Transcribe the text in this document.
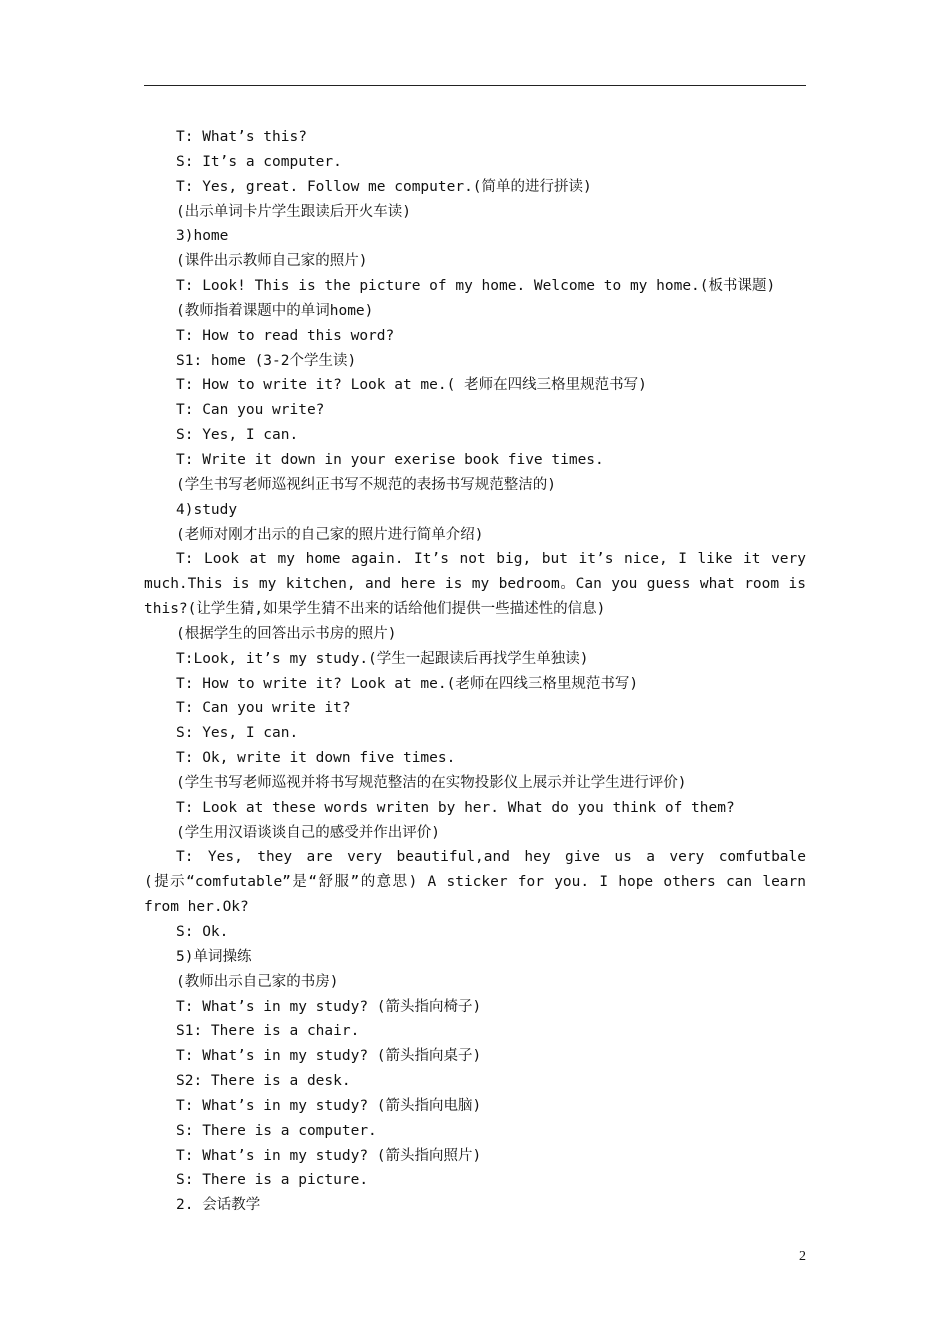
T: What’s this?
S: It’s a computer.
T: Yes, great. Follow me computer.(简单的进行拼读)
(出示单词卡片学生跟读后开火车读)
3)home
(课件出示教师自己家的照片)
T: Look! This is the picture of my home. Welcome to my home.(板书课题)
(教师指着课题中的单词home)
T: How to read this word?
S1: home (3-2个学生读)
T: How to write it? Look at me.( 老师在四线三格里规范书写)
T: Can you write?
S: Yes, I can.
T: Write it down in your exerise book five times.
(学生书写老师巡视纠正书写不规范的表扬书写规范整洁的)
4)study
(老师对刚才出示的自己家的照片进行简单介绍)
T: Look at my home again. It’s not big, but it’s nice, I like it very
much.This is my kitchen, and here is my bedroom。Can you guess what room is
this?(让学生猜,如果学生猜不出来的话给他们提供一些描述性的信息)
(根据学生的回答出示书房的照片)
T:Look, it’s my study.(学生一起跟读后再找学生单独读)
T: How to write it? Look at me.(老师在四线三格里规范书写)
T: Can you write it?
S: Yes, I can.
T: Ok, write it down five times.
(学生书写老师巡视并将书写规范整洁的在实物投影仪上展示并让学生进行评价)
T: Look at these words writen by her. What do you think of them?
(学生用汉语谈谈自己的感受并作出评价)
T: Yes, they are very beautiful,and hey give us a very comfutbale
(提示“comfutable”是“舒服”的意思) A sticker for you. I hope others can learn
from her.Ok?
S: Ok.
5)单词操练
(教师出示自己家的书房)
T: What’s in my study? (箭头指向椅子)
S1: There is a chair.
T: What’s in my study? (箭头指向桌子)
S2: There is a desk.
T: What’s in my study? (箭头指向电脑)
S: There is a computer.
T: What’s in my study? (箭头指向照片)
S: There is a picture.
2. 会话教学
2
